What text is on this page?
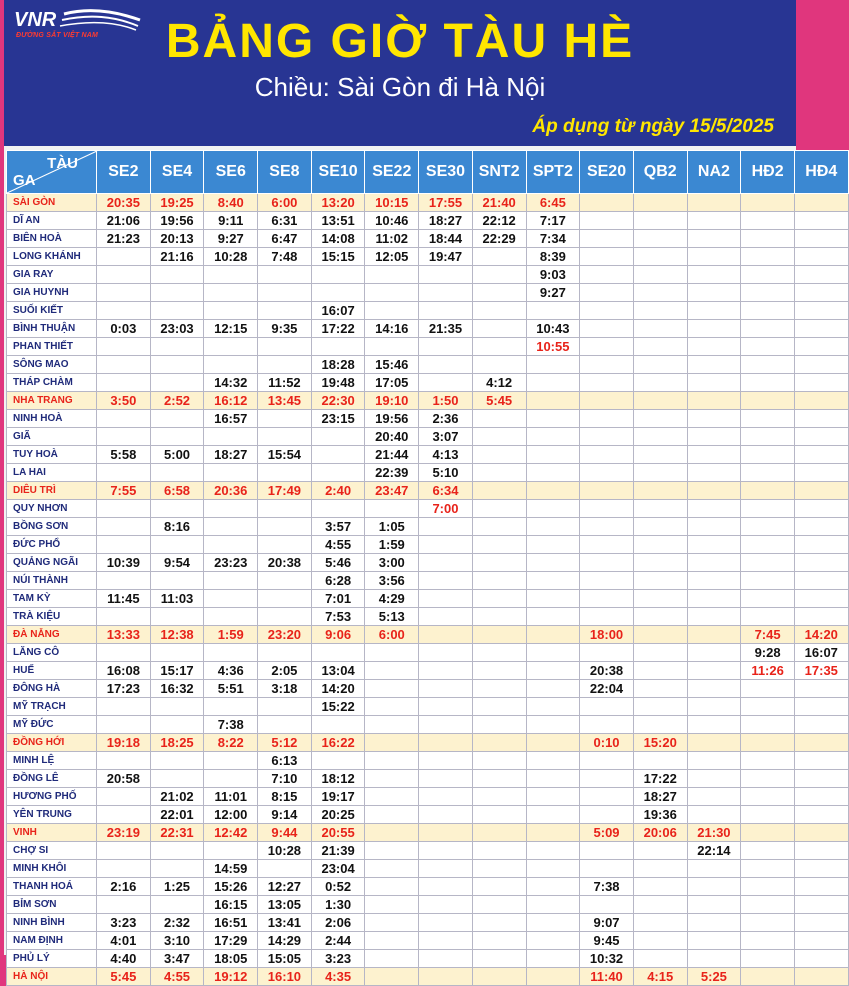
VNR
ĐƯỜNG SẮT VIỆT NAM	BẢNG GIỜ TÀU HÈ
Chiều: Sài Gòn đi Hà Nội
Áp dụng từ ngày 15/5/2025
TÀU
GA	SE2	SE4	SE6	SE8	SE10	SE22	SE30	SNT2	SPT2	SE20	QB2	NA2	HĐ2	HĐ4
SÀI GÒN	20:35	19:25	8:40	6:00	13:20	10:15	17:55	21:40	6:45					
DĨ AN	21:06	19:56	9:11	6:31	13:51	10:46	18:27	22:12	7:17					
BIÊN HOÀ	21:23	20:13	9:27	6:47	14:08	11:02	18:44	22:29	7:34					
LONG KHÁNH		21:16	10:28	7:48	15:15	12:05	19:47		8:39					
GIA RAY									9:03					
GIA HUYNH									9:27					
SUỐI KIẾT					16:07									
BÌNH THUẬN	0:03	23:03	12:15	9:35	17:22	14:16	21:35		10:43					
PHAN THIẾT									10:55					
SÔNG MAO					18:28	15:46								
THÁP CHÀM			14:32	11:52	19:48	17:05		4:12						
NHA TRANG	3:50	2:52	16:12	13:45	22:30	19:10	1:50	5:45						
NINH HOÀ			16:57		23:15	19:56	2:36							
GIÃ						20:40	3:07							
TUY HOÀ	5:58	5:00	18:27	15:54		21:44	4:13							
LA HAI						22:39	5:10							
DIÊU TRÌ	7:55	6:58	20:36	17:49	2:40	23:47	6:34							
QUY NHƠN							7:00							
BỒNG SƠN		8:16			3:57	1:05								
ĐỨC PHỔ					4:55	1:59								
QUẢNG NGÃI	10:39	9:54	23:23	20:38	5:46	3:00								
NÚI THÀNH					6:28	3:56								
TAM KỲ	11:45	11:03			7:01	4:29								
TRÀ KIỆU					7:53	5:13								
ĐÀ NẴNG	13:33	12:38	1:59	23:20	9:06	6:00				18:00			7:45	14:20
LĂNG CÔ													9:28	16:07
HUẾ	16:08	15:17	4:36	2:05	13:04					20:38			11:26	17:35
ĐÔNG HÀ	17:23	16:32	5:51	3:18	14:20					22:04				
MỸ TRẠCH					15:22									
MỸ ĐỨC			7:38											
ĐỒNG HỚI	19:18	18:25	8:22	5:12	16:22					0:10	15:20			
MINH LỆ				6:13										
ĐỒNG LÊ	20:58			7:10	18:12						17:22			
HƯƠNG PHỐ		21:02	11:01	8:15	19:17						18:27			
YÊN TRUNG		22:01	12:00	9:14	20:25						19:36			
VINH	23:19	22:31	12:42	9:44	20:55					5:09	20:06	21:30		
CHỢ SI				10:28	21:39							22:14		
MINH KHÔI			14:59		23:04									
THANH HOÁ	2:16	1:25	15:26	12:27	0:52					7:38				
BỈM SƠN			16:15	13:05	1:30									
NINH BÌNH	3:23	2:32	16:51	13:41	2:06					9:07				
NAM ĐỊNH	4:01	3:10	17:29	14:29	2:44					9:45				
PHỦ LÝ	4:40	3:47	18:05	15:05	3:23					10:32				
HÀ NỘI	5:45	4:55	19:12	16:10	4:35					11:40	4:15	5:25		
